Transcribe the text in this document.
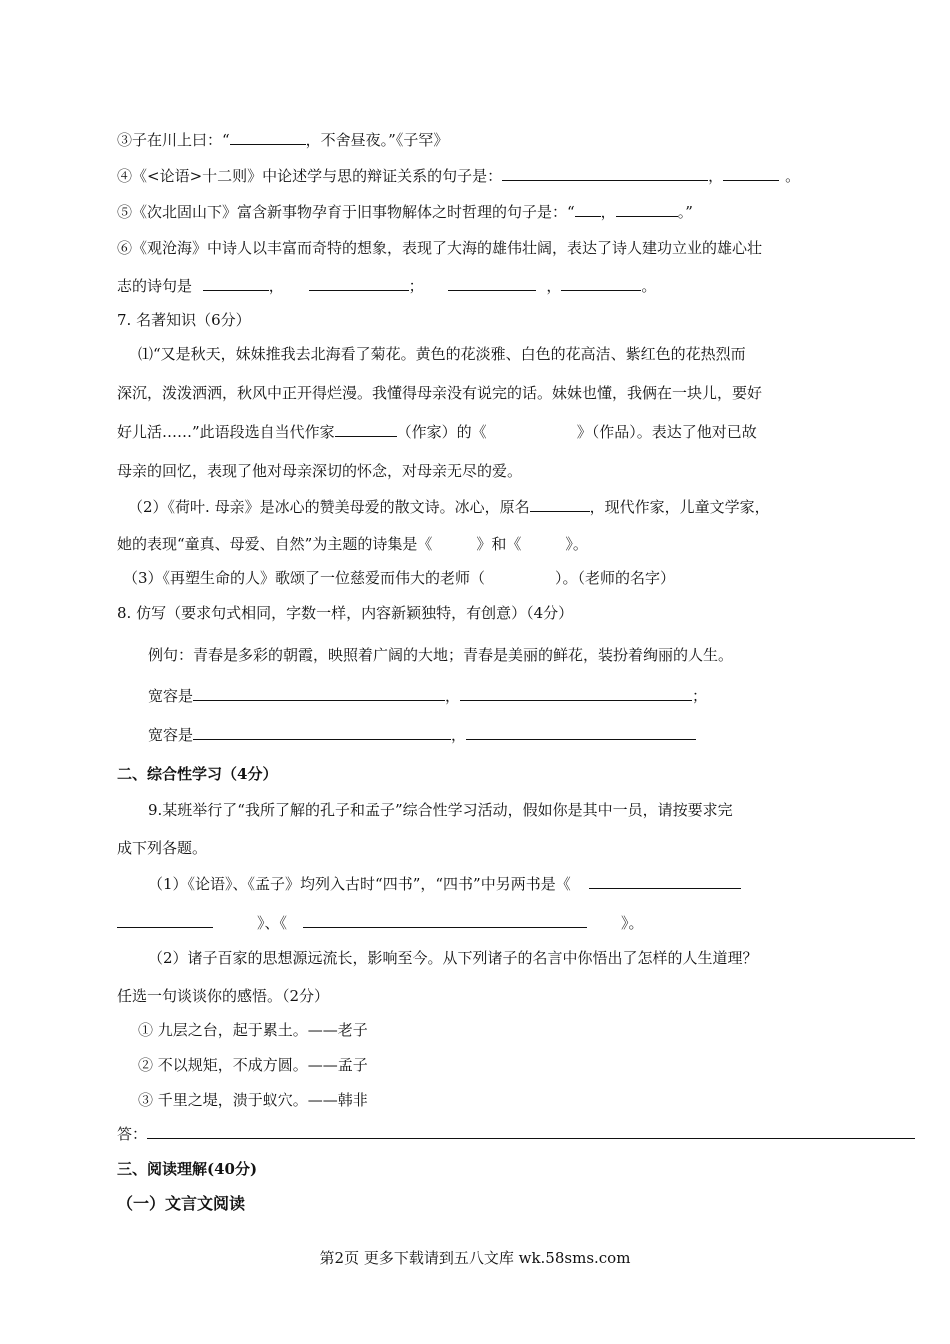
③子在川上曰：“	，不舍昼夜。”《子罕》
④《<论语>十二则》中论述学与思的辩证关系的句子是：	，	。
⑤《次北固山下》富含新事物孕育于旧事物解体之时哲理的句子是：“ ，	。”
⑥《观沧海》中诗人以丰富而奇特的想象，表现了大海的雄伟壮阔，表达了诗人建功立业的雄心壮
志的诗句是	，	；	，	。
7. 名著知识（6分）
⑴“又是秋天，妹妹推我去北海看了菊花。黄色的花淡雅、白色的花高洁、紫红色的花热烈而
深沉，泼泼洒洒，秋风中正开得烂漫。我懂得母亲没有说完的话。妹妹也懂，我俩在一块儿，要好
好儿活……”此语段选自当代作家	（作家）的《	》（作品）。表达了他对已故
母亲的回忆，表现了他对母亲深切的怀念，对母亲无尽的爱。
（2）《荷叶. 母亲》是冰心的赞美母爱的散文诗。冰心，原名	，现代作家，儿童文学家，
她的表现“童真、母爱、自然”为主题的诗集是《	》和《	》。
（3）《再塑生命的人》歌颂了一位慈爱而伟大的老师（	）。（老师的名字）
8. 仿写（要求句式相同，字数一样，内容新颖独特，有创意）（4分）
例句：青春是多彩的朝霞，映照着广阔的大地；青春是美丽的鲜花，装扮着绚丽的人生。
宽容是	，	；
宽容是	，
二、综合性学习（4分）
9.某班举行了“我所了解的孔子和孟子”综合性学习活动，假如你是其中一员，请按要求完
成下列各题。
（1）《论语》、《孟子》均列入古时“四书”，“四书”中另两书是《
》、《	》。
（2）诸子百家的思想源远流长，影响至今。从下列诸子的名言中你悟出了怎样的人生道理？
任选一句谈谈你的感悟。（2分）
① 九层之台，起于累土。——老子
② 不以规矩，不成方圆。——孟子
③ 千里之堤，溃于蚁穴。——韩非
答：
三、阅读理解(40分)
（一）文言文阅读
第2页 更多下载请到五八文库 wk.58sms.com
